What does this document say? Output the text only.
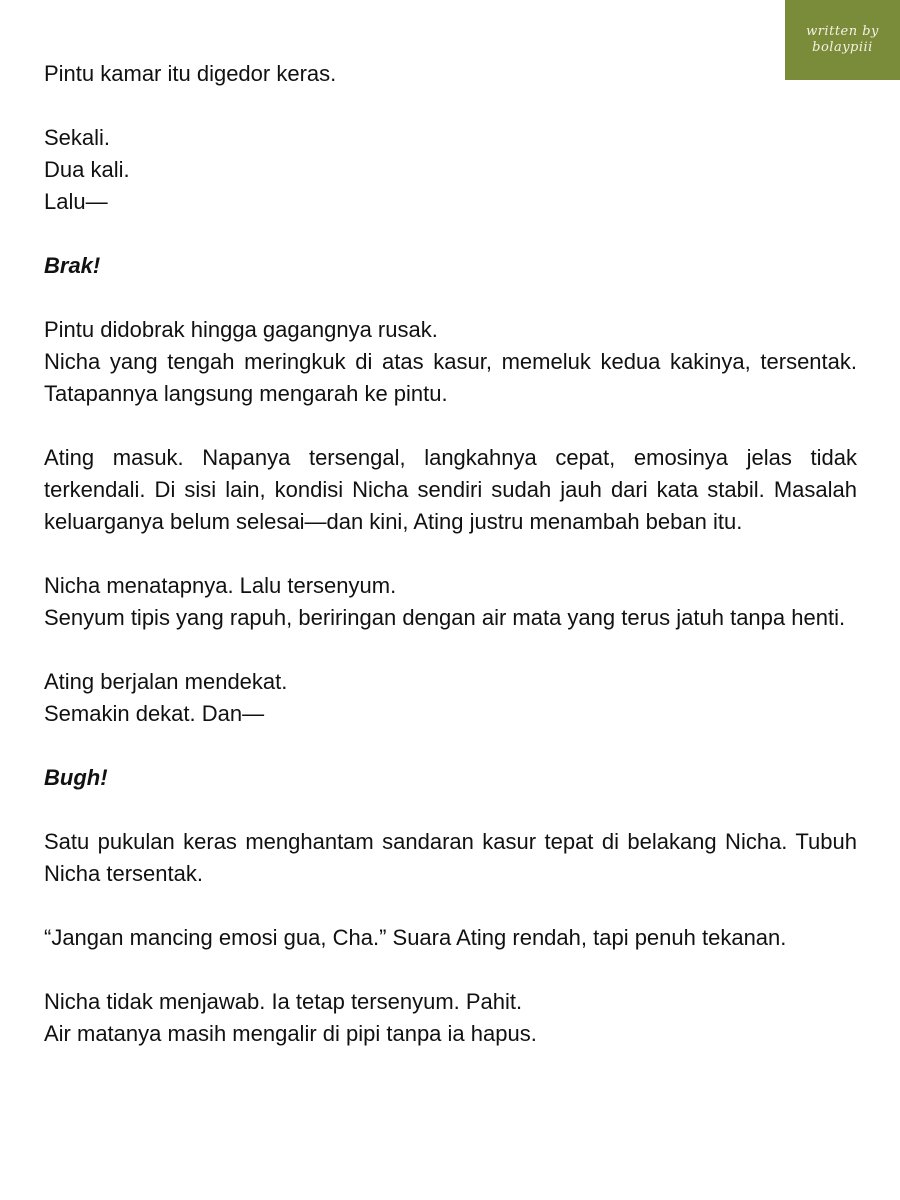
written by
bolaypiii

Pintu kamar itu digedor keras.

Sekali.
Dua kali.
Lalu—

Brak!

Pintu didobrak hingga gagangnya rusak.
Nicha yang tengah meringkuk di atas kasur, memeluk kedua kakinya, tersentak. Tatapannya langsung mengarah ke pintu.

Ating masuk. Napanya tersengal, langkahnya cepat, emosinya jelas tidak terkendali. Di sisi lain, kondisi Nicha sendiri sudah jauh dari kata stabil. Masalah keluarganya belum selesai—dan kini, Ating justru menambah beban itu.

Nicha menatapnya. Lalu tersenyum.
Senyum tipis yang rapuh, beriringan dengan air mata yang terus jatuh tanpa henti.

Ating berjalan mendekat.
Semakin dekat. Dan—

Bugh!

Satu pukulan keras menghantam sandaran kasur tepat di belakang Nicha. Tubuh Nicha tersentak.

“Jangan mancing emosi gua, Cha.” Suara Ating rendah, tapi penuh tekanan.

Nicha tidak menjawab. Ia tetap tersenyum. Pahit.
Air matanya masih mengalir di pipi tanpa ia hapus.
